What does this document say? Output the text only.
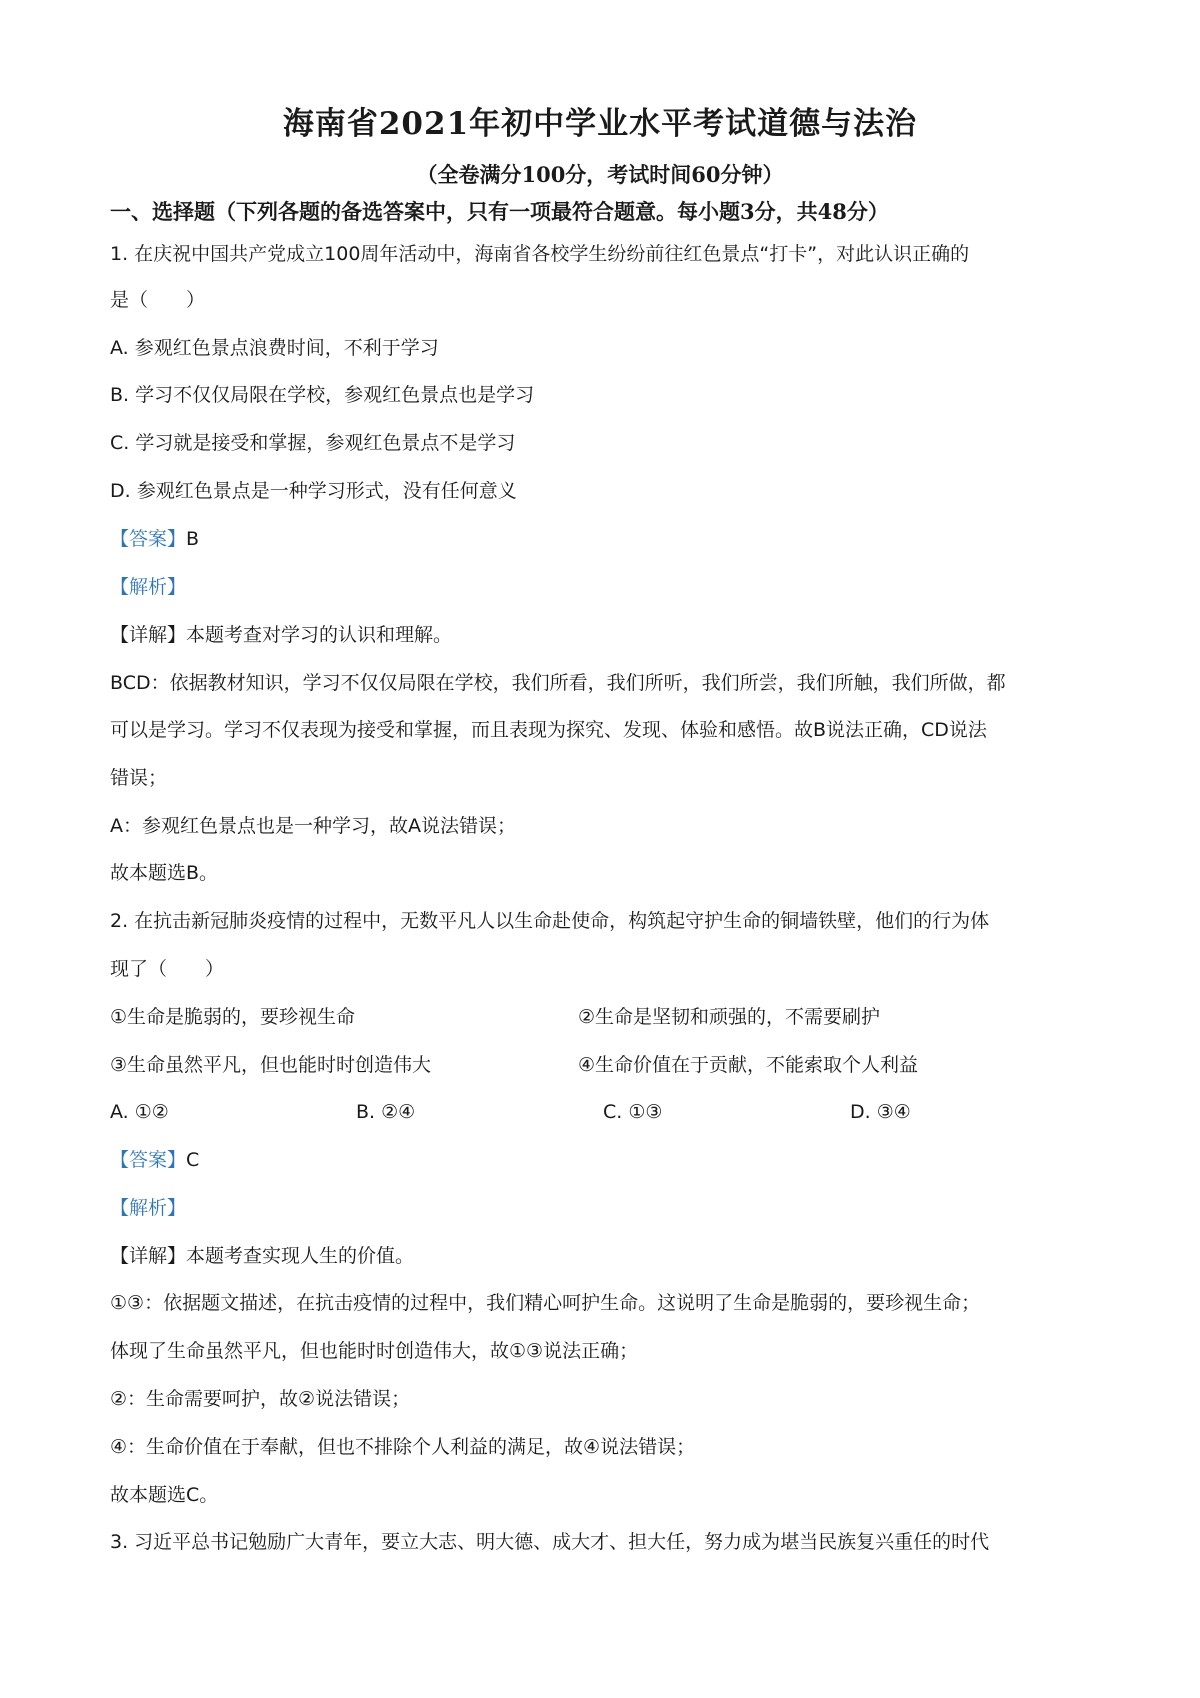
海南省2021年初中学业水平考试道德与法治
（全卷满分100分，考试时间60分钟）
一、选择题（下列各题的备选答案中，只有一项最符合题意。每小题3分，共48分）
1. 在庆祝中国共产党成立100周年活动中，海南省各校学生纷纷前往红色景点“打卡”，对此认识正确的
是（　　）
A. 参观红色景点浪费时间，不利于学习
B. 学习不仅仅局限在学校，参观红色景点也是学习
C. 学习就是接受和掌握，参观红色景点不是学习
D. 参观红色景点是一种学习形式，没有任何意义
【答案】B
【解析】
【详解】本题考查对学习的认识和理解。
BCD：依据教材知识，学习不仅仅局限在学校，我们所看，我们所听，我们所尝，我们所触，我们所做，都
可以是学习。学习不仅表现为接受和掌握，而且表现为探究、发现、体验和感悟。故B说法正确，CD说法
错误；
A：参观红色景点也是一种学习，故A说法错误；
故本题选B。
2. 在抗击新冠肺炎疫情的过程中，无数平凡人以生命赴使命，构筑起守护生命的铜墙铁壁，他们的行为体
现了（　　）
①生命是脆弱的，要珍视生命	②生命是坚韧和顽强的，不需要刷护
③生命虽然平凡，但也能时时创造伟大	④生命价值在于贡献，不能索取个人利益
A. ①②	B. ②④	C. ①③	D. ③④
【答案】C
【解析】
【详解】本题考查实现人生的价值。
①③：依据题文描述，在抗击疫情的过程中，我们精心呵护生命。这说明了生命是脆弱的，要珍视生命；
体现了生命虽然平凡，但也能时时创造伟大，故①③说法正确；
②：生命需要呵护，故②说法错误；
④：生命价值在于奉献，但也不排除个人利益的满足，故④说法错误；
故本题选C。
3. 习近平总书记勉励广大青年，要立大志、明大德、成大才、担大任，努力成为堪当民族复兴重任的时代
